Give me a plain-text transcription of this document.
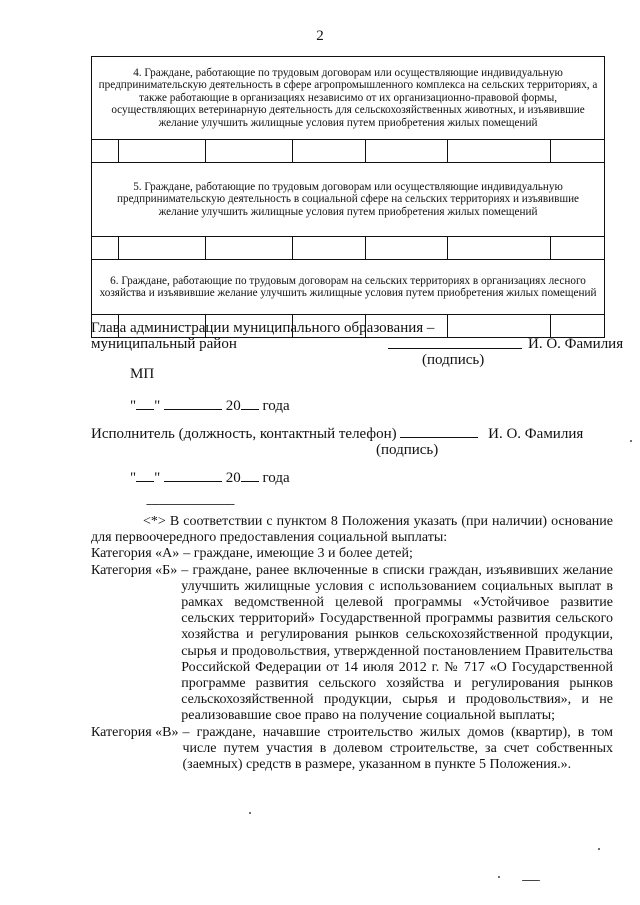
2
4. Граждане, работающие по трудовым договорам или осуществляющие индивидуальную предпринимательскую деятельность в сфере агропромышленного комплекса на сельских территориях, а также работающие в организациях независимо от их организационно-правовой формы, осуществляющих ветеринарную деятельность для сельскохозяйственных животных, и изъявившие желание улучшить жилищные условия путем приобретения жилых помещений						

5. Граждане, работающие по трудовым договорам или осуществляющие индивидуальную предпринимательскую деятельность в социальной сфере на сельских территориях и изъявившие желание улучшить жилищные условия путем приобретения жилых помещений						

6. Граждане, работающие по трудовым договорам на сельских территориях в организациях лесного хозяйства и изъявившие желание улучшить жилищные условия путем приобретения жилых помещений						

Глава администрации муниципального образования –
муниципальный район	И. О. Фамилия
(подпись)
МП
" "	20 года
Исполнитель (должность, контактный телефон)	И. О. Фамилия
(подпись)
" "	20 года
---------------------------------
<*> В соответствии с пунктом 8 Положения указать (при наличии) основание для первоочередного предоставления социальной выплаты:
Категория «А» – граждане, имеющие 3 и более детей;
Категория «Б» – граждане, ранее включенные в списки граждан, изъявивших желание улучшить жилищные условия с использованием социальных выплат в рамках ведомственной целевой программы «Устойчивое развитие сельских территорий» Государственной программы развития сельского хозяйства и регулирования рынков сельскохозяйственной продукции, сырья и продовольствия, утвержденной постановлением Правительства Российской Федерации от 14 июля 2012 г. № 717 «О Государственной программе развития сельского хозяйства и регулирования рынков сельскохозяйственной продукции, сырья и продовольствия», и не реализовавшие свое право на получение социальной выплаты;
Категория «В» – граждане, начавшие строительство жилых домов (квартир), в том числе путем участия в долевом строительстве, за счет собственных (заемных) средств в размере, указанном в пункте 5 Положения.».
